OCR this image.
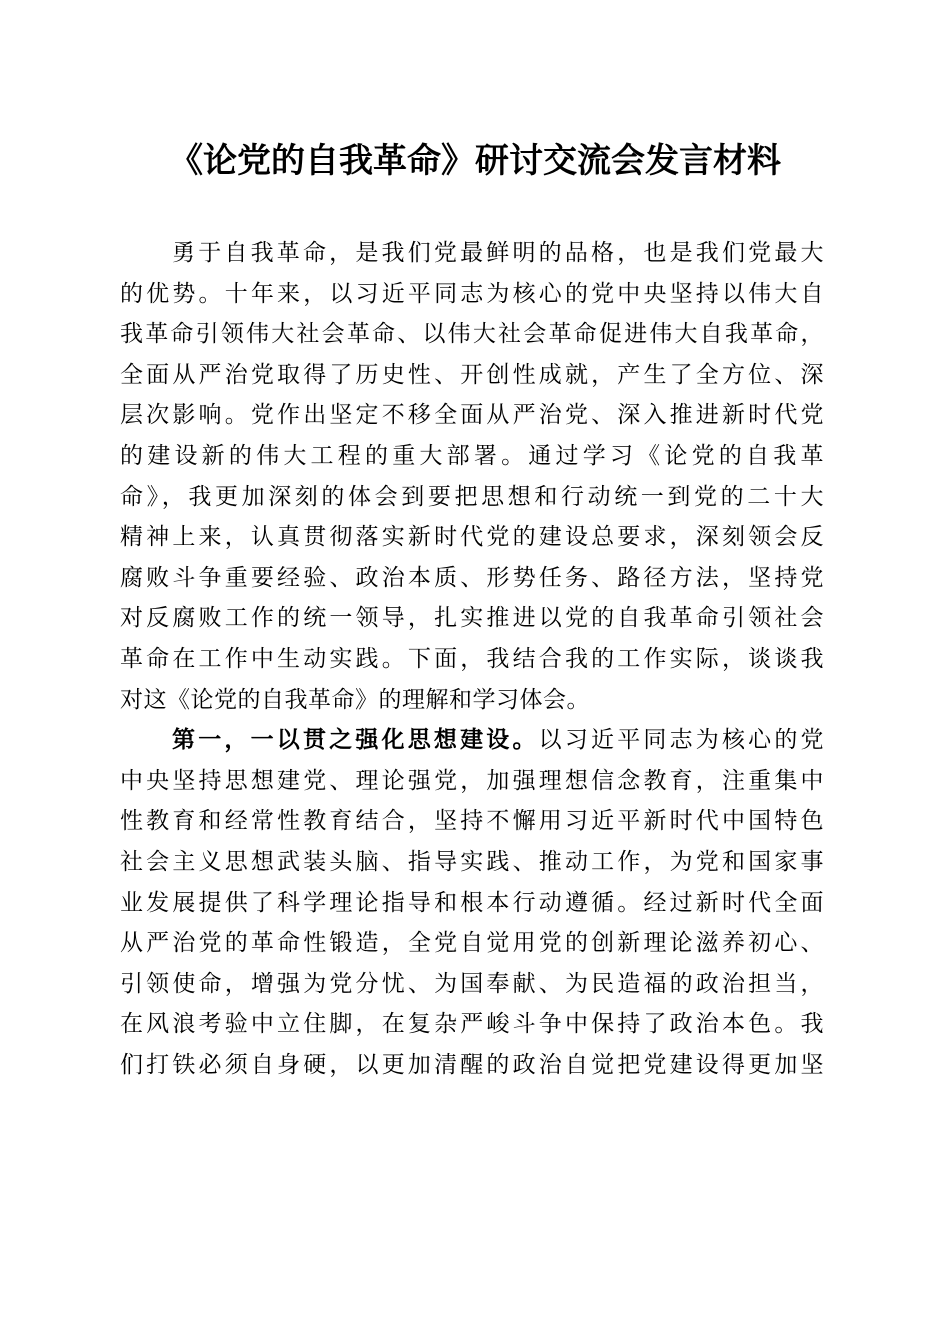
《论党的自我革命》研讨交流会发言材料
勇于自我革命，是我们党最鲜明的品格，也是我们党最大
的优势。十年来，以习近平同志为核心的党中央坚持以伟大自
我革命引领伟大社会革命、以伟大社会革命促进伟大自我革命，
全面从严治党取得了历史性、开创性成就，产生了全方位、深
层次影响。党作出坚定不移全面从严治党、深入推进新时代党
的建设新的伟大工程的重大部署。通过学习《论党的自我革
命》，我更加深刻的体会到要把思想和行动统一到党的二十大
精神上来，认真贯彻落实新时代党的建设总要求，深刻领会反
腐败斗争重要经验、政治本质、形势任务、路径方法，坚持党
对反腐败工作的统一领导，扎实推进以党的自我革命引领社会
革命在工作中生动实践。下面，我结合我的工作实际，谈谈我
对这《论党的自我革命》的理解和学习体会。
第一，一以贯之强化思想建设。以习近平同志为核心的党
中央坚持思想建党、理论强党，加强理想信念教育，注重集中
性教育和经常性教育结合，坚持不懈用习近平新时代中国特色
社会主义思想武装头脑、指导实践、推动工作，为党和国家事
业发展提供了科学理论指导和根本行动遵循。经过新时代全面
从严治党的革命性锻造，全党自觉用党的创新理论滋养初心、
引领使命，增强为党分忧、为国奉献、为民造福的政治担当，
在风浪考验中立住脚，在复杂严峻斗争中保持了政治本色。我
们打铁必须自身硬，以更加清醒的政治自觉把党建设得更加坚
